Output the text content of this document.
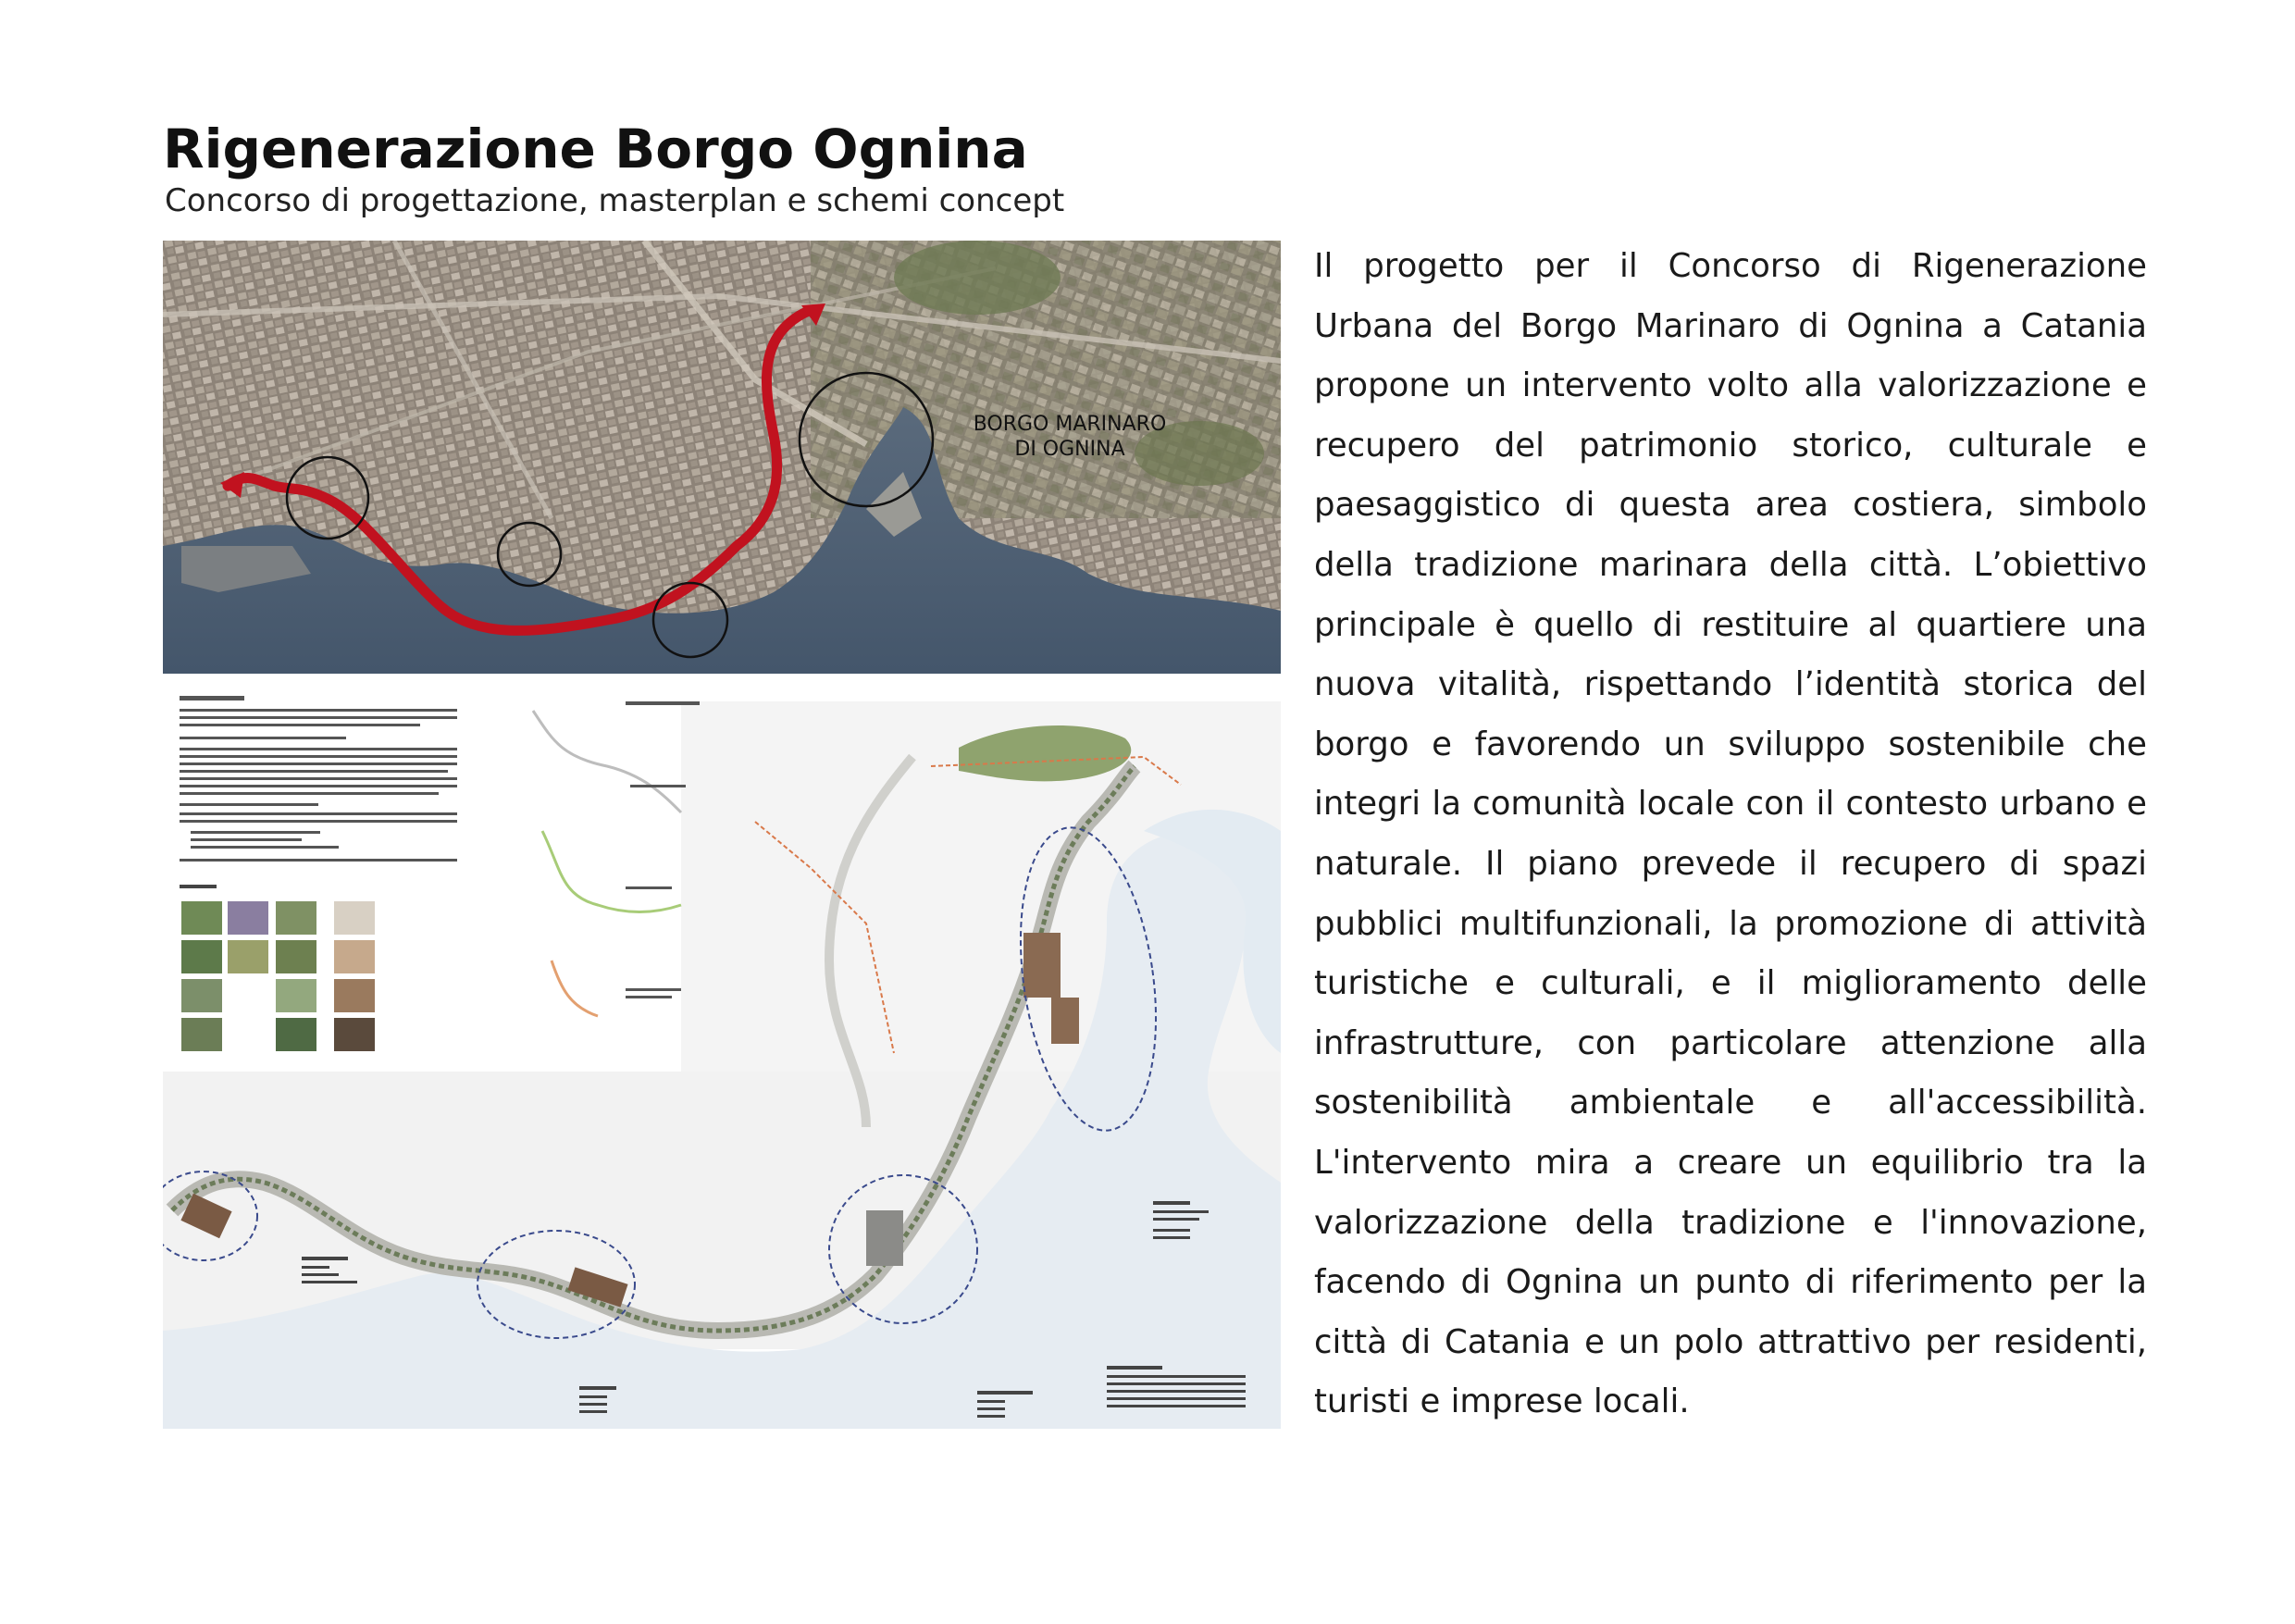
Rigenerazione Borgo Ognina
Concorso di progettazione, masterplan e schemi concept
BORGO MARINARO
DI OGNINA

Il progetto per il Concorso di Rigenerazione Urbana del Borgo Marinaro di Ognina a Catania propone un intervento volto alla valorizzazione e recupero del patrimonio storico, culturale e paesaggistico di questa area costiera, simbolo della tradizione marinara della città. L’obiettivo principale è quello di restituire al quartiere una nuova vitalità, rispettando l’identità storica del borgo e favorendo un sviluppo sostenibile che integri la comunità locale con il contesto urbano e naturale. Il piano prevede il recupero di spazi pubblici multifunzionali, la promozione di attività turistiche e culturali, e il miglioramento delle infrastrutture, con particolare attenzione alla sostenibilità ambientale e all'accessibilità. L'intervento mira a creare un equilibrio tra la valorizzazione della tradizione e l'innovazione, facendo di Ognina un punto di riferimento per la città di Catania e un polo attrattivo per residenti, turisti e imprese locali.
